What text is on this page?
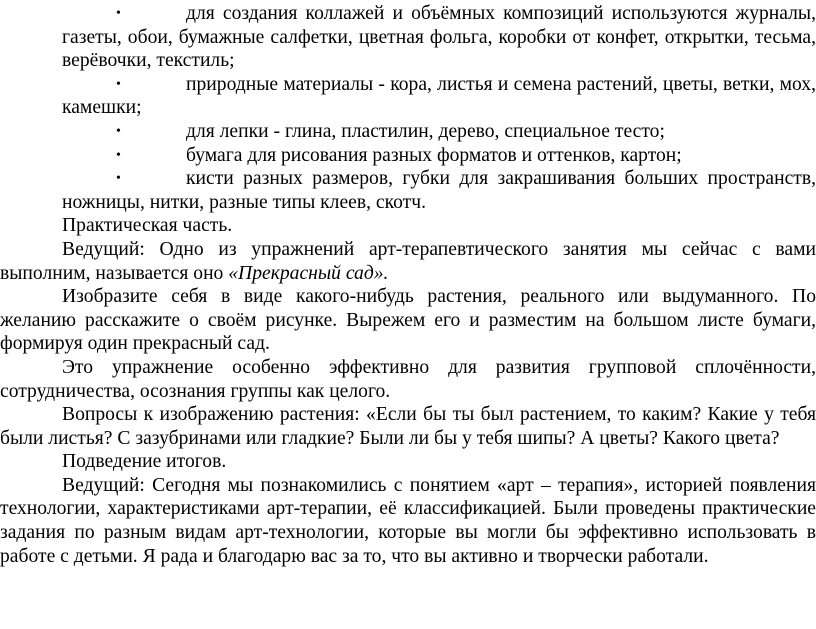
•	для создания коллажей и объёмных композиций используются журналы, газеты, обои, бумажные салфетки, цветная фольга, коробки от конфет, открытки, тесьма, верёвочки, текстиль;
•	природные материалы - кора, листья и семена растений, цветы, ветки, мох, камешки;
•	для лепки - глина, пластилин, дерево, специальное тесто;
•	бумага для рисования разных форматов и оттенков, картон;
•	кисти разных размеров, губки для закрашивания больших пространств, ножницы, нитки, разные типы клеев, скотч.

Практическая часть.

Ведущий: Одно из упражнений арт-терапевтического занятия мы сейчас с вами выполним, называется оно «Прекрасный сад».

Изобразите себя в виде какого-нибудь растения, реального или выдуманного. По желанию расскажите о своём рисунке. Вырежем его и разместим на большом листе бумаги, формируя один прекрасный сад.

Это упражнение особенно эффективно для развития групповой сплочённости, сотрудничества, осознания группы как целого.

Вопросы к изображению растения: «Если бы ты был растением, то каким? Какие у тебя были листья? С зазубринами или гладкие? Были ли бы у тебя шипы? А цветы? Какого цвета?

Подведение итогов.

Ведущий: Сегодня мы познакомились с понятием «арт – терапия», историей появления технологии, характеристиками арт-терапии, её классификацией. Были проведены практические задания по разным видам арт-технологии, которые вы могли бы эффективно использовать в работе с детьми. Я рада и благодарю вас за то, что вы активно и творчески работали.
